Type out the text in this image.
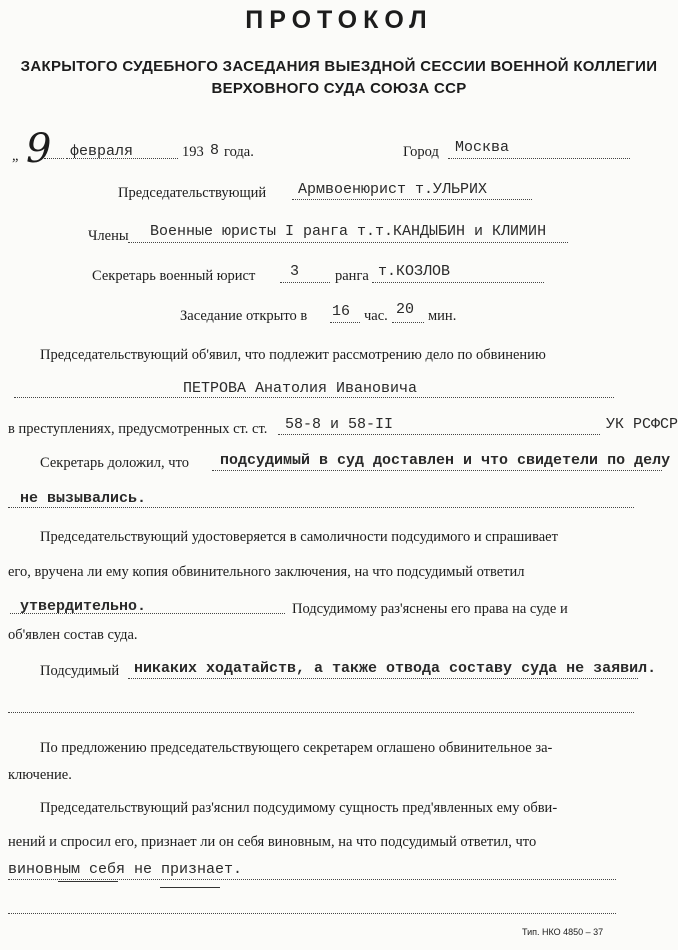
ПРОТОКОЛ
ЗАКРЫТОГО СУДЕБНОГО ЗАСЕДАНИЯ ВЫЕЗДНОЙ СЕССИИ ВОЕННОЙ КОЛЛЕГИИ
ВЕРХОВНОГО СУДА СОЮЗА ССР
„ 9 февраля	193 8 года.	Город Москва
Председательствующий Армвоенюрист т.УЛЬРИХ
Члены Военные юристы I ранга т.т.КАНДЫБИН и КЛИМИН
Секретарь военный юрист 3 ранга т.КОЗЛОВ
Заседание открыто в 16 час. 20 мин.
Председательствующий об'явил, что подлежит рассмотрению дело по обвинению
ПЕТРОВА Анатолия Ивановича
в преступлениях, предусмотренных ст. ст. 58-8 и 58-II	УК РСФСР
Секретарь доложил, что подсудимый в суд доставлен и что свидетели по делу
не вызывались.
Председательствующий удостоверяется в самоличности подсудимого и спрашивает
его, вручена ли ему копия обвинительного заключения, на что подсудимый ответил
утвердительно.	Подсудимому раз'яснены его права на суде и
об'явлен состав суда.
Подсудимый никаких ходатайств, а также отвода составу суда не заявил.
По предложению председательствующего секретарем оглашено обвинительное за-
ключение.
Председательствующий раз'яснил подсудимому сущность пред'явленных ему обви-
нений и спросил его, признает ли он себя виновным, на что подсудимый ответил, что
виновным себя не признает.
Тип. НКО 4850 – 37
